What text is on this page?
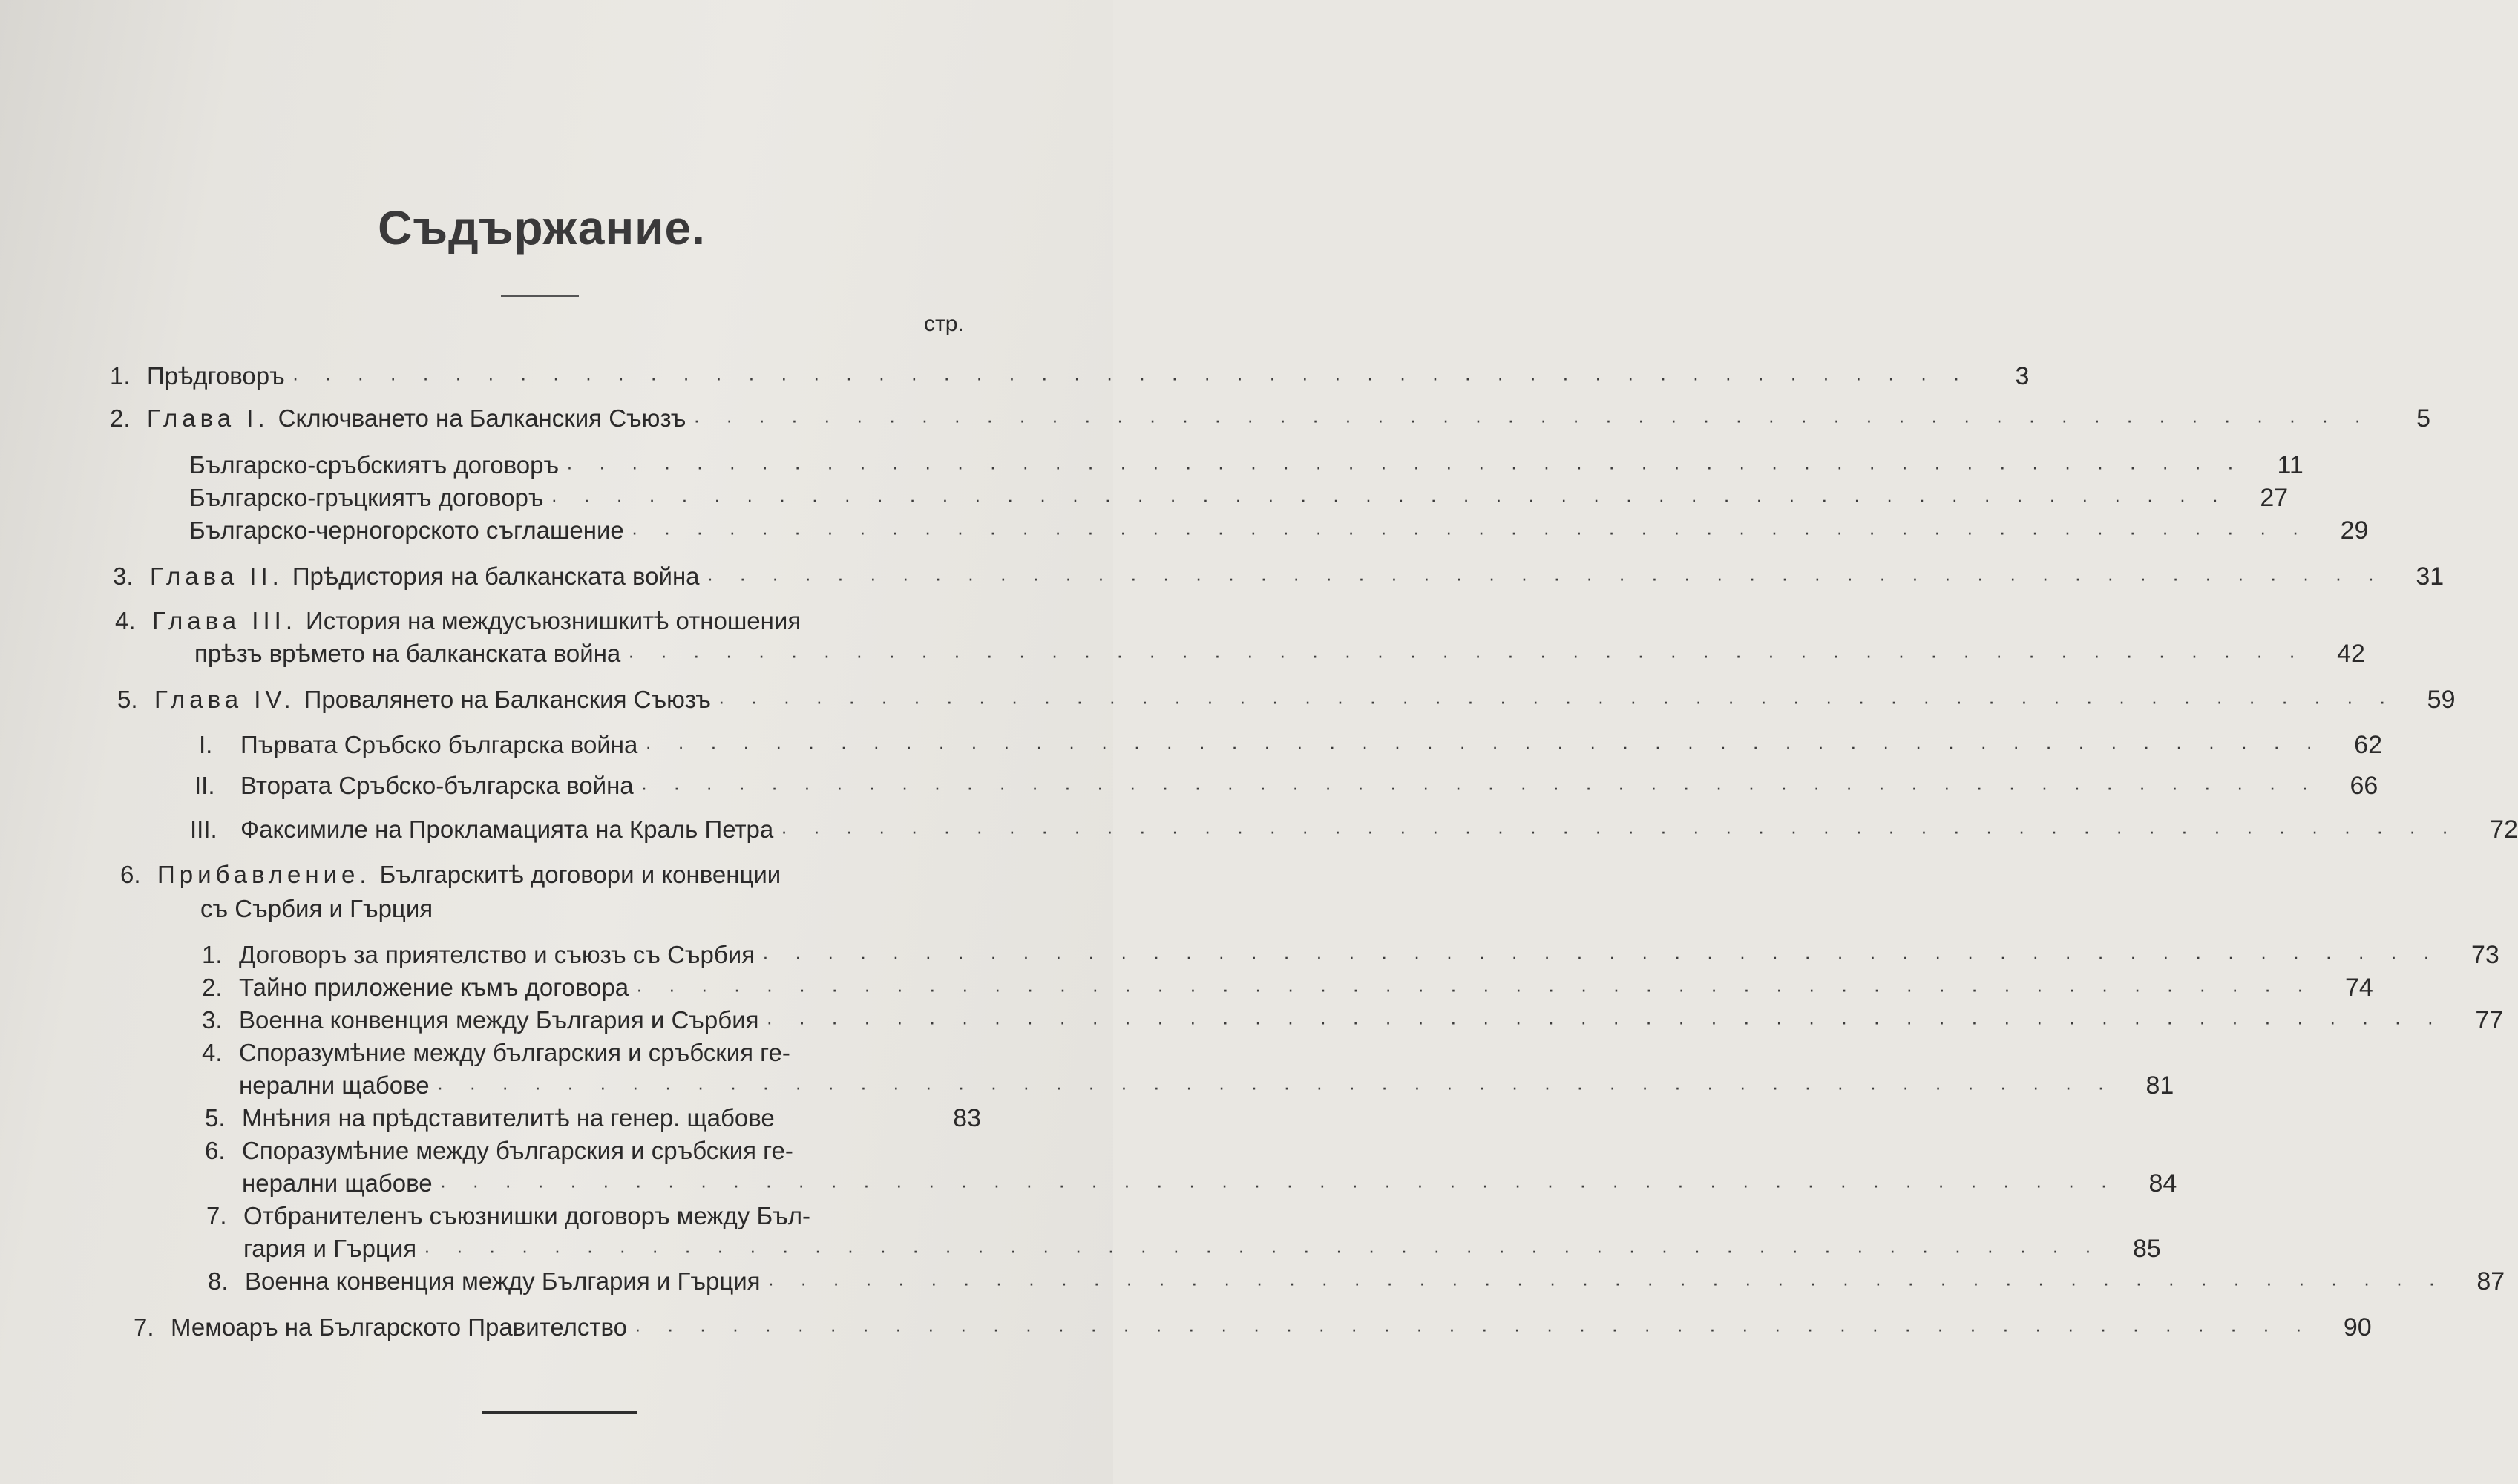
Съдържание.
стр.
1. Прѣдговоръ · · · · · · · · · · · · · · · · · · · · · · · · · · · · · · · · · · · · · · · · · · · · · · · · · · · ·	3
2. Глава I. Сключването на Балканския Съюзъ · · · · · · · · · · · · · · · · · · · · · · · · · · · · · · · · · · · · · · · · · · · · · · · · · · · ·	5
Българско-сръбскиятъ договоръ · · · · · · · · · · · · · · · · · · · · · · · · · · · · · · · · · · · · · · · · · · · · · · · · · · · ·	11
Българско-гръцкиятъ договоръ · · · · · · · · · · · · · · · · · · · · · · · · · · · · · · · · · · · · · · · · · · · · · · · · · · · ·	27
Българско-черногорското съглашение · · · · · · · · · · · · · · · · · · · · · · · · · · · · · · · · · · · · · · · · · · · · · · · · · · · ·	29
3. Глава II. Прѣдистория на балканската война · · · · · · · · · · · · · · · · · · · · · · · · · · · · · · · · · · · · · · · · · · · · · · · · · · · ·	31
4. Глава III. История на междусъюзнишкитѣ отношения
прѣзъ врѣмето на балканската война · · · · · · · · · · · · · · · · · · · · · · · · · · · · · · · · · · · · · · · · · · · · · · · · · · · ·	42
5. Глава IV. Провалянето на Балканския Съюзъ · · · · · · · · · · · · · · · · · · · · · · · · · · · · · · · · · · · · · · · · · · · · · · · · · · · ·	59
I.	Първата Сръбско българска война · · · · · · · · · · · · · · · · · · · · · · · · · · · · · · · · · · · · · · · · · · · · · · · · · · · ·	62
II.	Втората Сръбско-българска война · · · · · · · · · · · · · · · · · · · · · · · · · · · · · · · · · · · · · · · · · · · · · · · · · · · ·	66
III. Факсимиле на Прокламацията на Краль Петра · · · · · · · · · · · · · · · · · · · · · · · · · · · · · · · · · · · · · · · · · · · · · · · · · · · ·	72
6. Прибавление. Българскитѣ договори и конвенции
съ Сърбия и Гърция
1. Договоръ за приятелство и съюзъ съ Сърбия · · · · · · · · · · · · · · · · · · · · · · · · · · · · · · · · · · · · · · · · · · · · · · · · · · · ·	73
2. Тайно приложение къмъ договора · · · · · · · · · · · · · · · · · · · · · · · · · · · · · · · · · · · · · · · · · · · · · · · · · · · ·	74
3. Военна конвенция между България и Сърбия · · · · · · · · · · · · · · · · · · · · · · · · · · · · · · · · · · · · · · · · · · · · · · · · · · · ·	77
4. Споразумѣние между българския и сръбския ге-
нерални щабове · · · · · · · · · · · · · · · · · · · · · · · · · · · · · · · · · · · · · · · · · · · · · · · · · · · ·	81
5. Мнѣния на прѣдставителитѣ на генер. щабове	83
6. Споразумѣние между българския и сръбския ге-
нерални щабове · · · · · · · · · · · · · · · · · · · · · · · · · · · · · · · · · · · · · · · · · · · · · · · · · · · ·	84
7. Отбранителенъ съюзнишки договоръ между Бъл-
гария и Гърция · · · · · · · · · · · · · · · · · · · · · · · · · · · · · · · · · · · · · · · · · · · · · · · · · · · ·	85
8. Военна конвенция между България и Гърция · · · · · · · · · · · · · · · · · · · · · · · · · · · · · · · · · · · · · · · · · · · · · · · · · · · ·	87
7. Мемоаръ на Българското Правителство · · · · · · · · · · · · · · · · · · · · · · · · · · · · · · · · · · · · · · · · · · · · · · · · · · · ·	90
